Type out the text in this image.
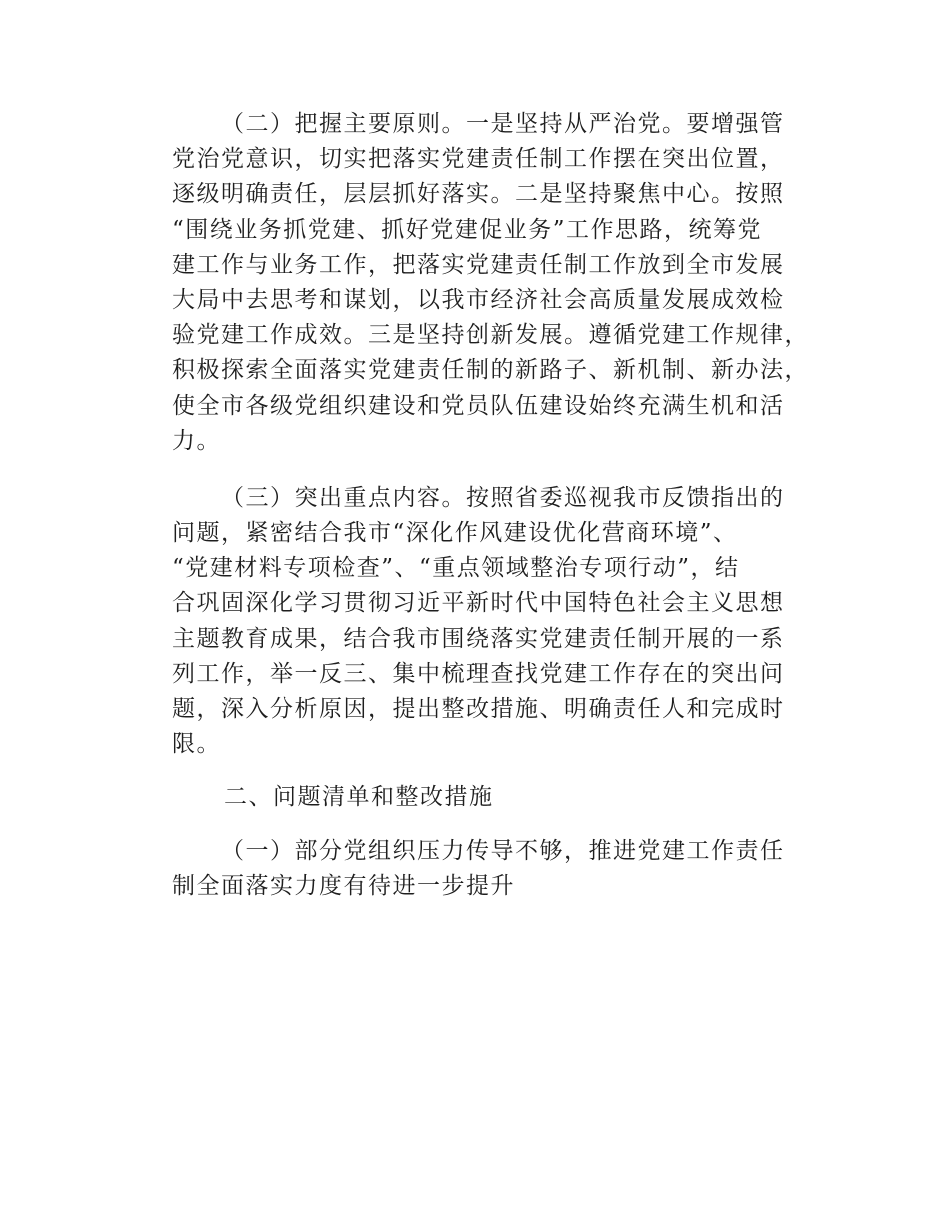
（二）把握主要原则。一是坚持从严治党。要增强管
党治党意识，切实把落实党建责任制工作摆在突出位置，
逐级明确责任，层层抓好落实。二是坚持聚焦中心。按照
“围绕业务抓党建、抓好党建促业务”工作思路，统筹党
建工作与业务工作，把落实党建责任制工作放到全市发展
大局中去思考和谋划，以我市经济社会高质量发展成效检
验党建工作成效。三是坚持创新发展。遵循党建工作规律，
积极探索全面落实党建责任制的新路子、新机制、新办法，
使全市各级党组织建设和党员队伍建设始终充满生机和活
力。
（三）突出重点内容。按照省委巡视我市反馈指出的
问题，紧密结合我市“深化作风建设优化营商环境”、
“党建材料专项检查”、“重点领域整治专项行动”，结
合巩固深化学习贯彻习近平新时代中国特色社会主义思想
主题教育成果，结合我市围绕落实党建责任制开展的一系
列工作，举一反三、集中梳理查找党建工作存在的突出问
题，深入分析原因，提出整改措施、明确责任人和完成时
限。
二、问题清单和整改措施
（一）部分党组织压力传导不够，推进党建工作责任
制全面落实力度有待进一步提升
